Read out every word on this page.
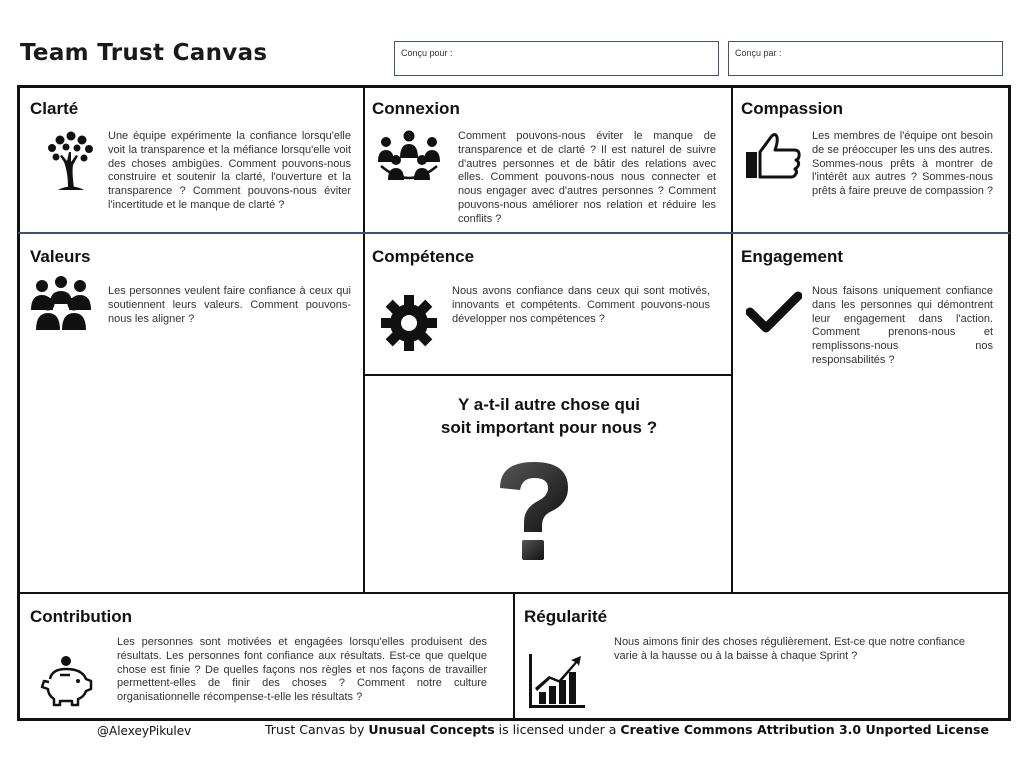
Team Trust Canvas	Conçu pour :	Conçu par :
Clarté
Une équipe expérimente la confiance lorsqu'elle voit la transparence et la méfiance lorsqu'elle voit des choses ambigües. Comment pouvons-nous construire et soutenir la clarté, l'ouverture et la transparence ? Comment pouvons-nous éviter l'incertitude et le manque de clarté ?
Connexion
Comment pouvons-nous éviter le manque de transparence et de clarté ? Il est naturel de suivre d'autres personnes et de bâtir des relations avec elles. Comment pouvons-nous nous connecter et nous engager avec d'autres personnes ? Comment pouvons-nous améliorer nos relation et réduire les conflits ?
Compassion
Les membres de l'équipe ont besoin de se préoccuper les uns des autres. Sommes-nous prêts à montrer de l'intérêt aux autres ? Sommes-nous prêts à faire preuve de compassion ?
Valeurs
Les personnes veulent faire confiance à ceux qui soutiennent leurs valeurs. Comment pouvons-nous les aligner ?
Compétence
Nous avons confiance dans ceux qui sont motivés, innovants et compétents. Comment pouvons-nous développer nos compétences ?
Engagement
Nous faisons uniquement confiance dans les personnes qui démontrent leur engagement dans l'action. Comment prenons-nous et remplissons-nous nos responsabilités ?
Y a-t-il autre chose qui
soit important pour nous ?
Contribution
Les personnes sont motivées et engagées lorsqu'elles produisent des résultats. Les personnes font confiance aux résultats. Est-ce que quelque chose est finie ? De quelles façons nos règles et nos façons de travailler permettent-elles de finir des choses ? Comment notre culture organisationnelle récompense-t-elle les résultats ?
Régularité
Nous aimons finir des choses régulièrement. Est-ce que notre confiance varie à la hausse ou à la baisse à chaque Sprint ?
@AlexeyPikulev	Trust Canvas by Unusual Concepts is licensed under a Creative Commons Attribution 3.0 Unported License
